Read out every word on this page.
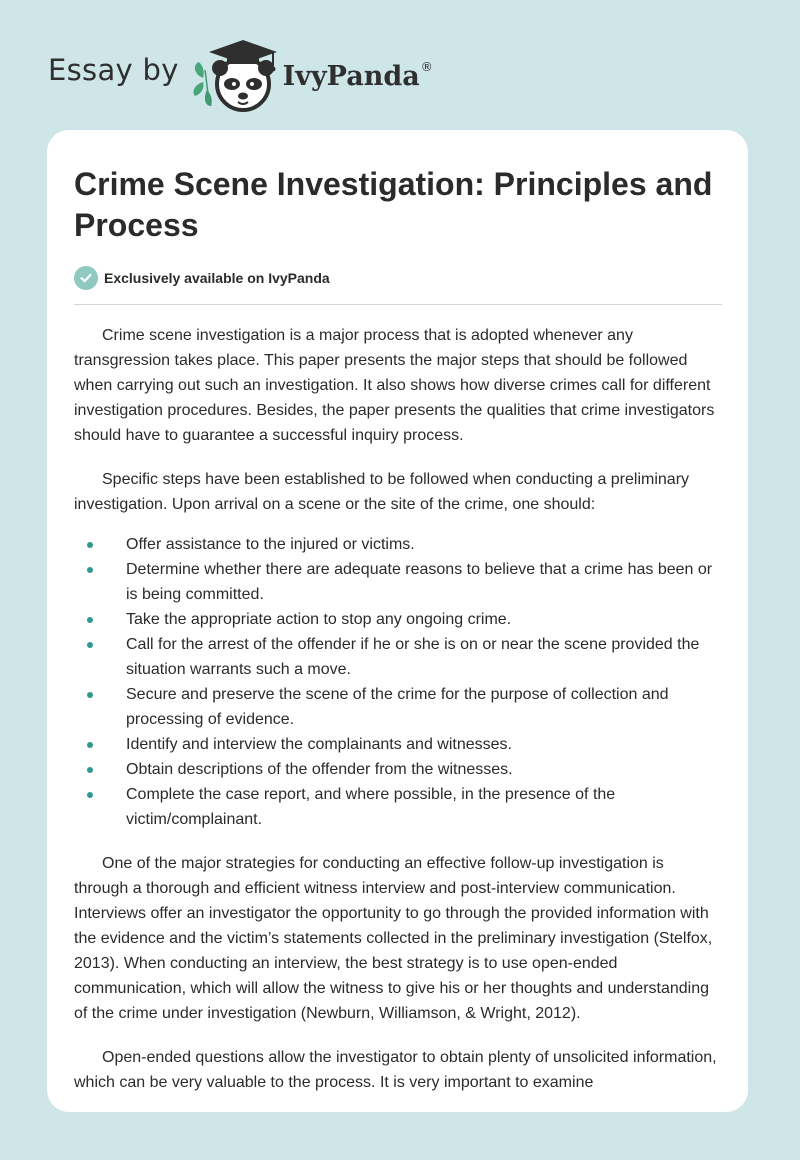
Essay by	IvyPanda ®
Crime Scene Investigation: Principles and Process
Exclusively available on IvyPanda

Crime scene investigation is a major process that is adopted whenever any transgression takes place. This paper presents the major steps that should be followed when carrying out such an investigation. It also shows how diverse crimes call for different investigation procedures. Besides, the paper presents the qualities that crime investigators should have to guarantee a successful inquiry process.

Specific steps have been established to be followed when conducting a preliminary investigation. Upon arrival on a scene or the site of the crime, one should:

Offer assistance to the injured or victims.
Determine whether there are adequate reasons to believe that a crime has been or is being committed.
Take the appropriate action to stop any ongoing crime.
Call for the arrest of the offender if he or she is on or near the scene provided the situation warrants such a move.
Secure and preserve the scene of the crime for the purpose of collection and processing of evidence.
Identify and interview the complainants and witnesses.
Obtain descriptions of the offender from the witnesses.
Complete the case report, and where possible, in the presence of the victim/complainant.

One of the major strategies for conducting an effective follow-up investigation is through a thorough and efficient witness interview and post-interview communication. Interviews offer an investigator the opportunity to go through the provided information with the evidence and the victim’s statements collected in the preliminary investigation (Stelfox, 2013). When conducting an interview, the best strategy is to use open-ended communication, which will allow the witness to give his or her thoughts and understanding of the crime under investigation (Newburn, Williamson, & Wright, 2012).

Open-ended questions allow the investigator to obtain plenty of unsolicited information, which can be very valuable to the process. It is very important to examine
